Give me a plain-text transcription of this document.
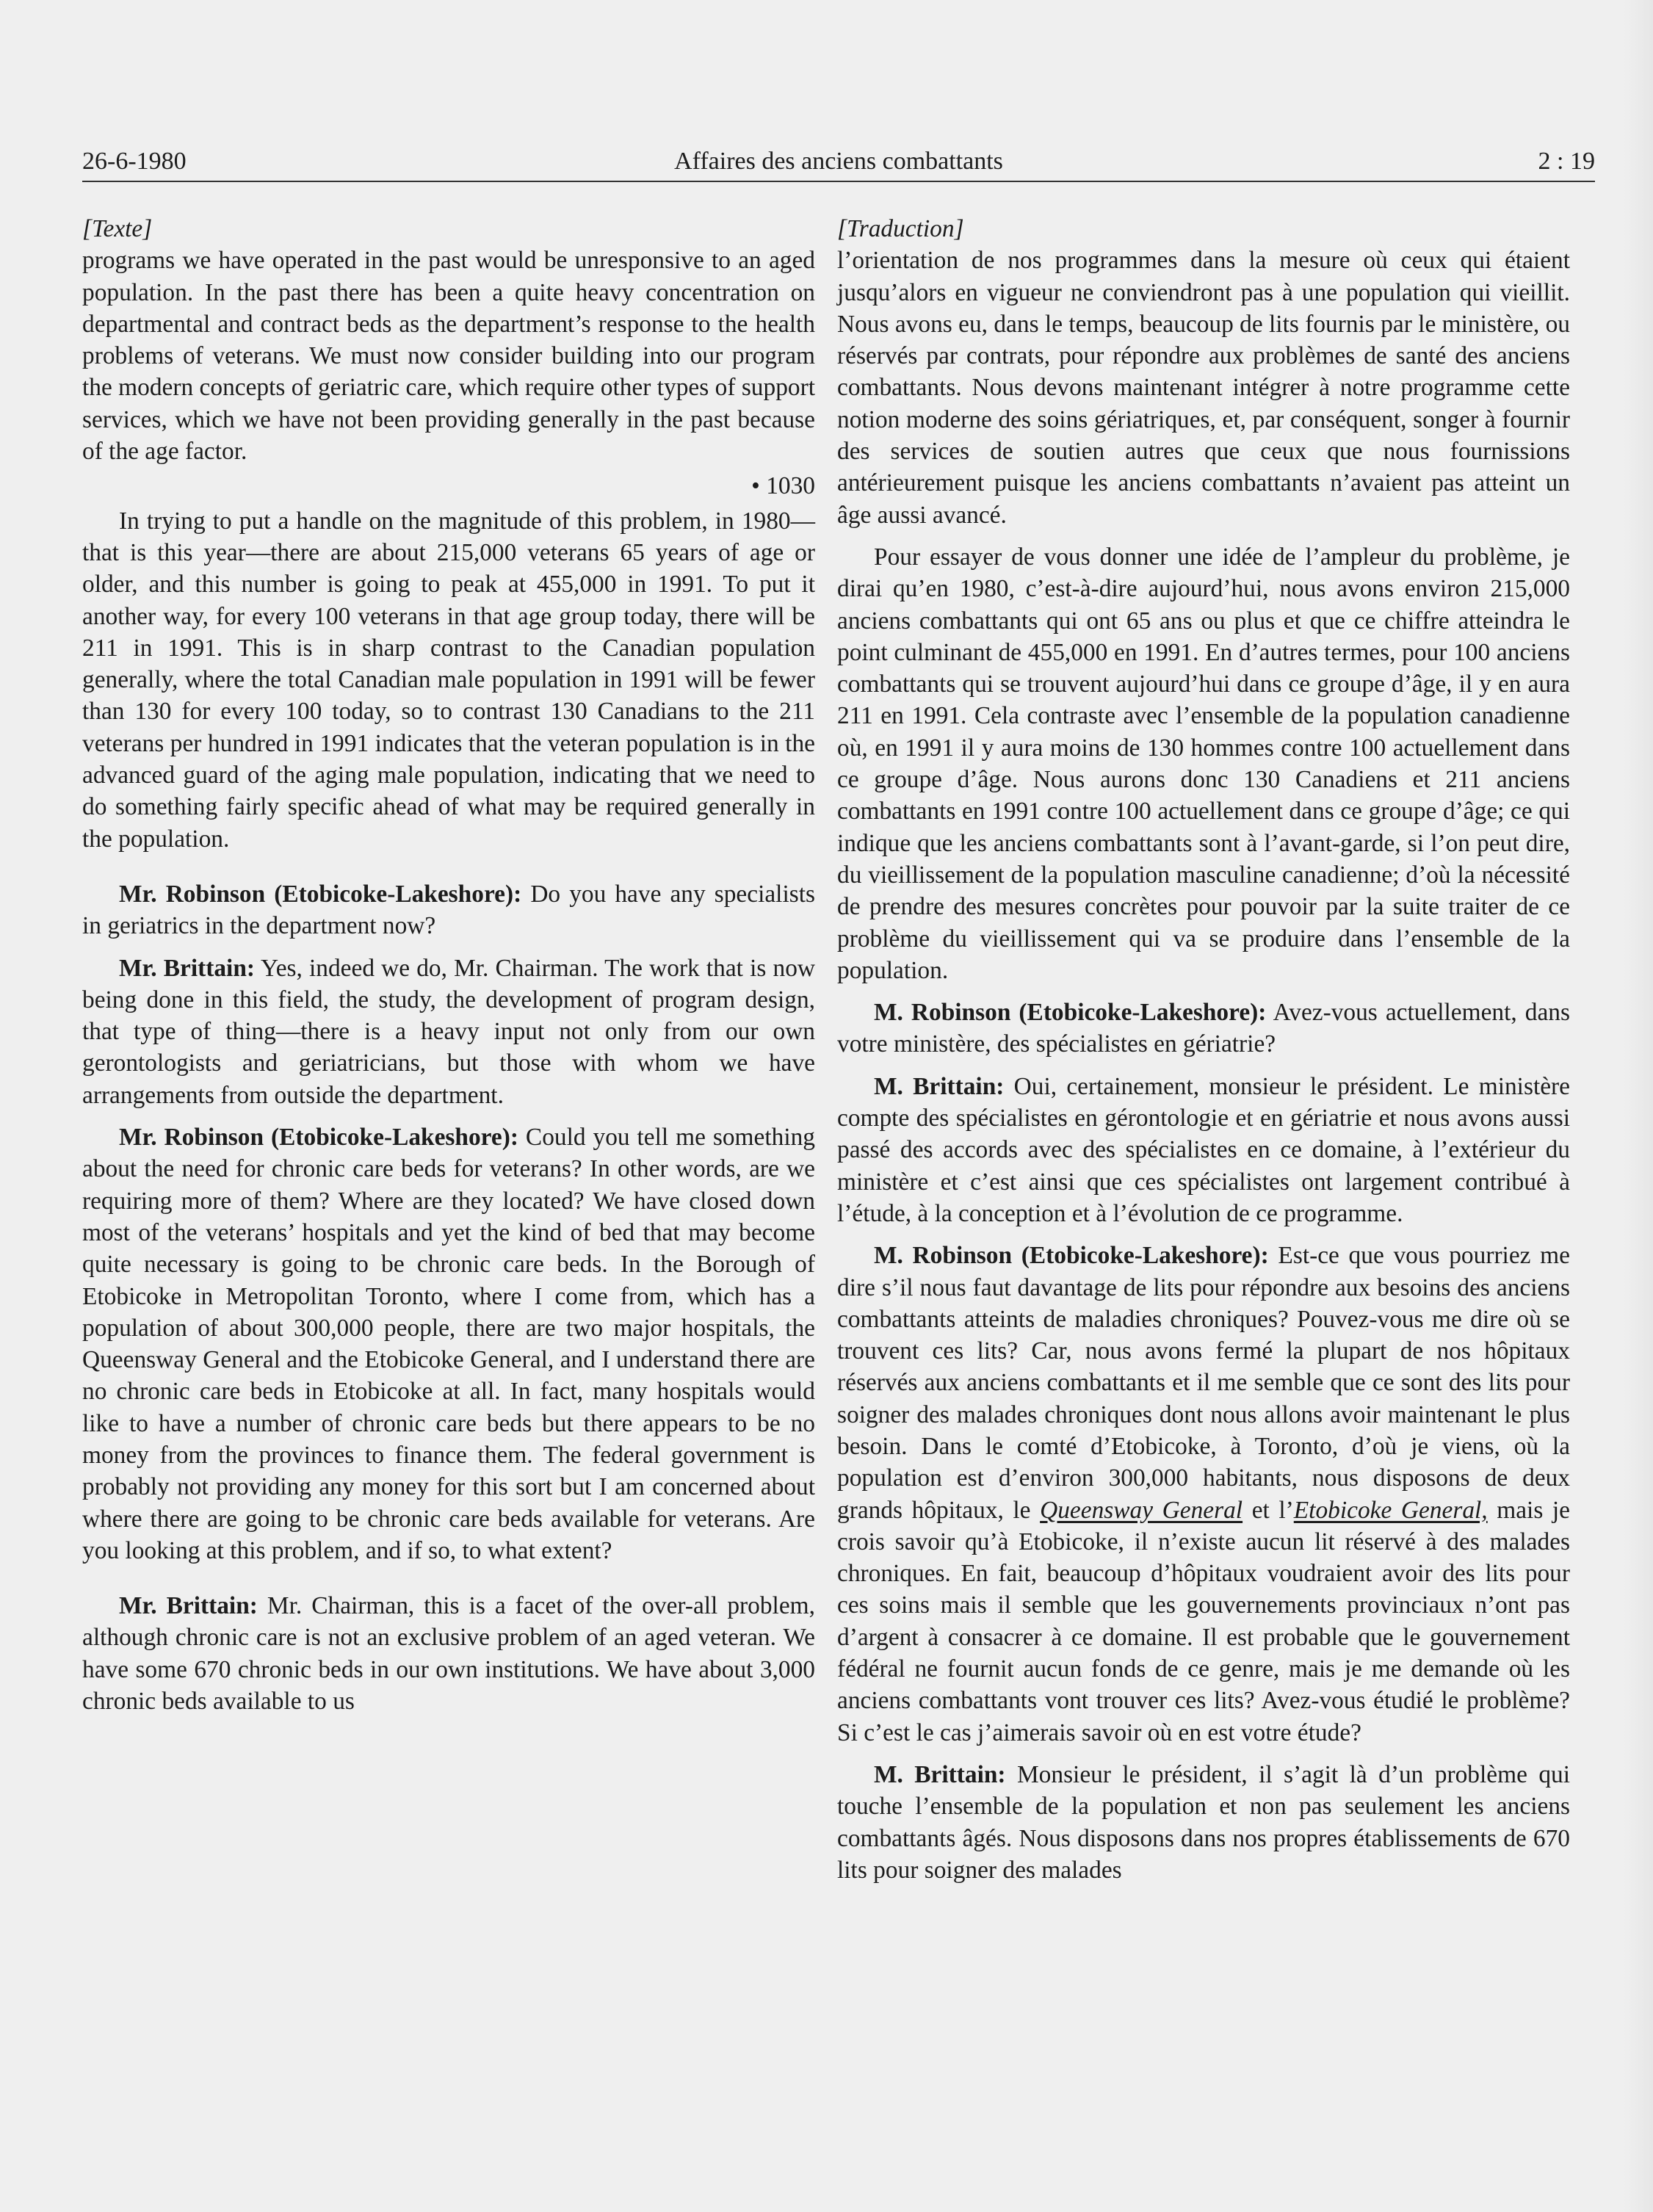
26-6-1980	Affaires des anciens combattants	2 : 19

[Texte]

programs we have operated in the past would be unresponsive to an aged population. In the past there has been a quite heavy concentration on departmental and contract beds as the department’s response to the health problems of veterans. We must now consider building into our program the modern concepts of geriatric care, which require other types of support services, which we have not been providing generally in the past because of the age factor.

• 1030

In trying to put a handle on the magnitude of this problem, in 1980—that is this year—there are about 215,000 veterans 65 years of age or older, and this number is going to peak at 455,000 in 1991. To put it another way, for every 100 veterans in that age group today, there will be 211 in 1991. This is in sharp contrast to the Canadian population generally, where the total Canadian male population in 1991 will be fewer than 130 for every 100 today, so to contrast 130 Canadians to the 211 veterans per hundred in 1991 indicates that the veteran population is in the advanced guard of the aging male population, indicating that we need to do something fairly specific ahead of what may be required generally in the population.

Mr. Robinson (Etobicoke-Lakeshore): Do you have any specialists in geriatrics in the department now?

Mr. Brittain: Yes, indeed we do, Mr. Chairman. The work that is now being done in this field, the study, the development of program design, that type of thing—there is a heavy input not only from our own gerontologists and geriatricians, but those with whom we have arrangements from outside the department.

Mr. Robinson (Etobicoke-Lakeshore): Could you tell me something about the need for chronic care beds for veterans? In other words, are we requiring more of them? Where are they located? We have closed down most of the veterans’ hospitals and yet the kind of bed that may become quite necessary is going to be chronic care beds. In the Borough of Etobicoke in Metropolitan Toronto, where I come from, which has a population of about 300,000 people, there are two major hospitals, the Queensway General and the Etobicoke General, and I understand there are no chronic care beds in Etobicoke at all. In fact, many hospitals would like to have a number of chronic care beds but there appears to be no money from the provinces to finance them. The federal government is probably not providing any money for this sort but I am concerned about where there are going to be chronic care beds available for veterans. Are you looking at this problem, and if so, to what extent?

Mr. Brittain: Mr. Chairman, this is a facet of the over-all problem, although chronic care is not an exclusive problem of an aged veteran. We have some 670 chronic beds in our own institutions. We have about 3,000 chronic beds available to us

[Traduction]

l’orientation de nos programmes dans la mesure où ceux qui étaient jusqu’alors en vigueur ne conviendront pas à une population qui vieillit. Nous avons eu, dans le temps, beaucoup de lits fournis par le ministère, ou réservés par contrats, pour répondre aux problèmes de santé des anciens combattants. Nous devons maintenant intégrer à notre programme cette notion moderne des soins gériatriques, et, par conséquent, songer à fournir des services de soutien autres que ceux que nous fournissions antérieurement puisque les anciens combattants n’avaient pas atteint un âge aussi avancé.

Pour essayer de vous donner une idée de l’ampleur du problème, je dirai qu’en 1980, c’est-à-dire aujourd’hui, nous avons environ 215,000 anciens combattants qui ont 65 ans ou plus et que ce chiffre atteindra le point culminant de 455,000 en 1991. En d’autres termes, pour 100 anciens combattants qui se trouvent aujourd’hui dans ce groupe d’âge, il y en aura 211 en 1991. Cela contraste avec l’ensemble de la population canadienne où, en 1991 il y aura moins de 130 hommes contre 100 actuellement dans ce groupe d’âge. Nous aurons donc 130 Canadiens et 211 anciens combattants en 1991 contre 100 actuellement dans ce groupe d’âge; ce qui indique que les anciens combattants sont à l’avant-garde, si l’on peut dire, du vieillissement de la population masculine canadienne; d’où la nécessité de prendre des mesures concrètes pour pouvoir par la suite traiter de ce problème du vieillissement qui va se produire dans l’ensemble de la population.

M. Robinson (Etobicoke-Lakeshore): Avez-vous actuellement, dans votre ministère, des spécialistes en gériatrie?

M. Brittain: Oui, certainement, monsieur le président. Le ministère compte des spécialistes en gérontologie et en gériatrie et nous avons aussi passé des accords avec des spécialistes en ce domaine, à l’extérieur du ministère et c’est ainsi que ces spécialistes ont largement contribué à l’étude, à la conception et à l’évolution de ce programme.

M. Robinson (Etobicoke-Lakeshore): Est-ce que vous pourriez me dire s’il nous faut davantage de lits pour répondre aux besoins des anciens combattants atteints de maladies chroniques? Pouvez-vous me dire où se trouvent ces lits? Car, nous avons fermé la plupart de nos hôpitaux réservés aux anciens combattants et il me semble que ce sont des lits pour soigner des malades chroniques dont nous allons avoir maintenant le plus besoin. Dans le comté d’Etobicoke, à Toronto, d’où je viens, où la population est d’environ 300,000 habitants, nous disposons de deux grands hôpitaux, le Queensway General et l’Etobicoke General, mais je crois savoir qu’à Etobicoke, il n’existe aucun lit réservé à des malades chroniques. En fait, beaucoup d’hôpitaux voudraient avoir des lits pour ces soins mais il semble que les gouvernements provinciaux n’ont pas d’argent à consacrer à ce domaine. Il est probable que le gouvernement fédéral ne fournit aucun fonds de ce genre, mais je me demande où les anciens combattants vont trouver ces lits? Avez-vous étudié le problème? Si c’est le cas j’aimerais savoir où en est votre étude?

M. Brittain: Monsieur le président, il s’agit là d’un problème qui touche l’ensemble de la population et non pas seulement les anciens combattants âgés. Nous disposons dans nos propres établissements de 670 lits pour soigner des malades
